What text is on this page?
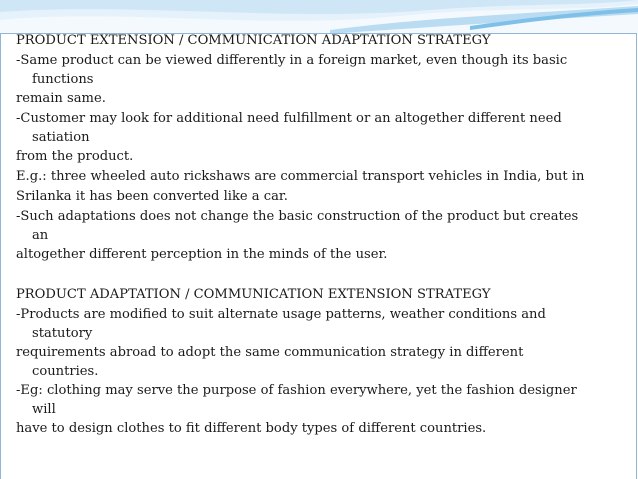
PRODUCT EXTENSION / COMMUNICATION ADAPTATION STRATEGY
-Same product can be viewed differently in a foreign market, even though its basic
functions
remain same.
-Customer may look for additional need fulfillment or an altogether different need
satiation
from the product.
E.g.: three wheeled auto rickshaws are commercial transport vehicles in India, but in
Srilanka it has been converted like a car.
-Such adaptations does not change the basic construction of the product but creates
an
altogether different perception in the minds of the user.
PRODUCT ADAPTATION / COMMUNICATION EXTENSION STRATEGY
-Products are modified to suit alternate usage patterns, weather conditions and
statutory
requirements abroad to adopt the same communication strategy in different
countries.
-Eg: clothing may serve the purpose of fashion everywhere, yet the fashion designer
will
have to design clothes to fit different body types of different countries.
